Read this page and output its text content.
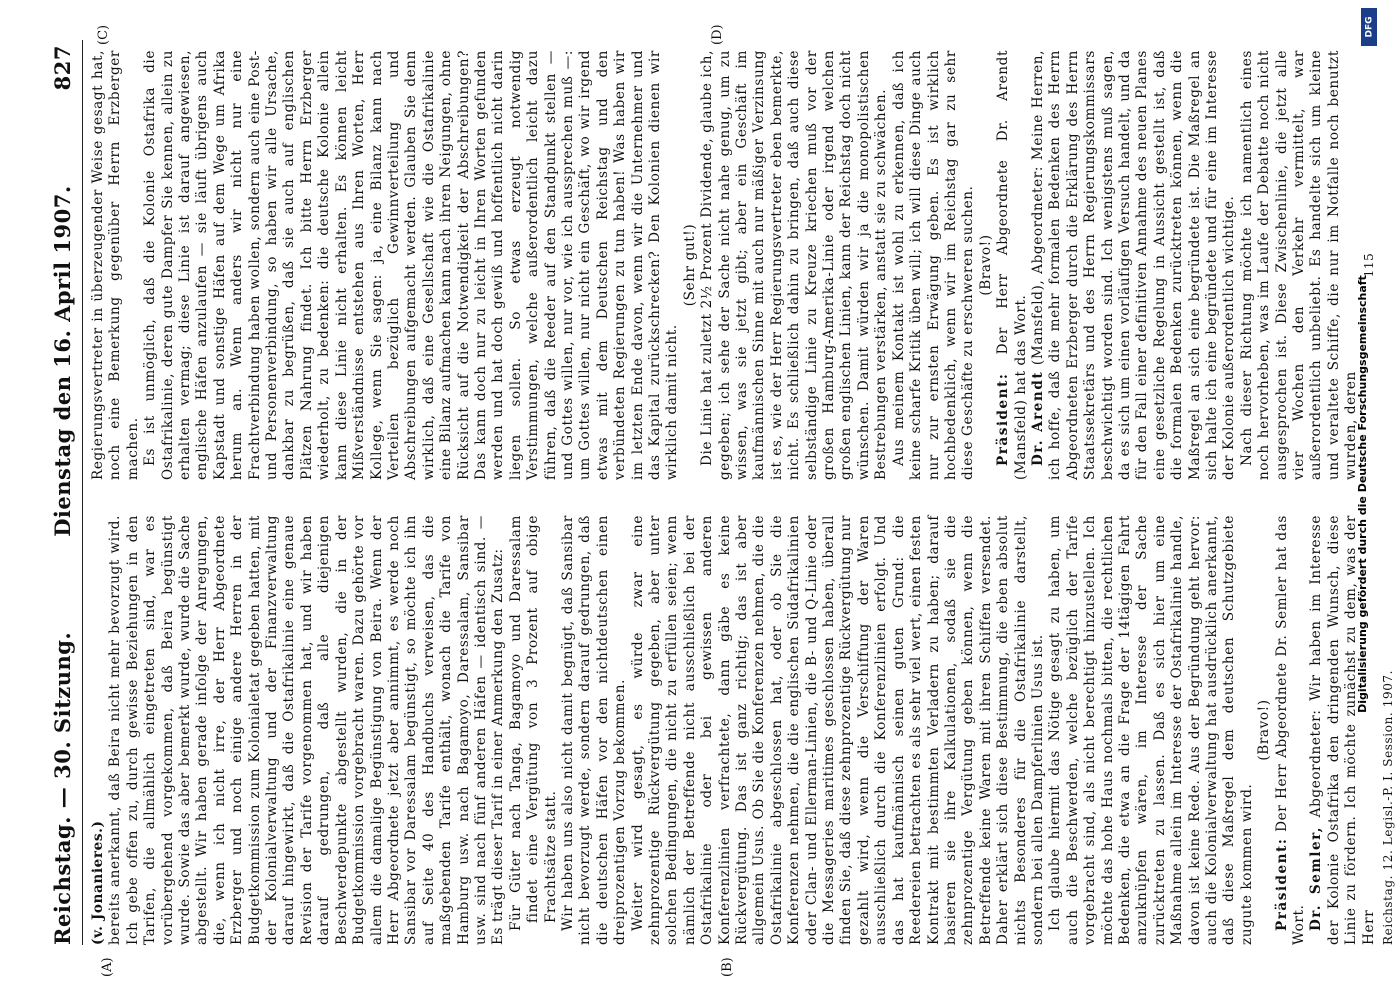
Reichstag. — 30. Sitzung.
Dienstag den 16. April 1907.
827
(A)	(B)
(C)	(D)

(v. Jonanieres.) bereits anerkannt, daß Beira nicht mehr bevorzugt wird. Ich gebe offen zu, durch gewisse Beziehungen in den Tarifen, die allmählich eingetreten sind, war es vorübergehend vorgekommen, daß Beira begünstigt wurde. Sowie das aber bemerkt wurde, wurde die Sache abgestellt. Wir haben gerade infolge der Anregungen, die, wenn ich nicht irre, der Herr Abgeordnete Erzberger und noch einige andere Herren in der Budgetkommission zum Kolonialetat gegeben hatten, mit der Kolonialverwaltung und der Finanzverwaltung darauf hingewirkt, daß die Ostafrikalinie eine genaue Revision der Tarife vorgenommen hat, und wir haben darauf gedrungen, daß alle diejenigen Beschwerdepunkte abgestellt wurden, die in der Budgetkommission vorgebracht waren. Dazu gehörte vor allem die damalige Begünstigung von Beira. Wenn der Herr Abgeordnete jetzt aber annimmt, es werde noch Sansibar vor Daressalam begünstigt, so möchte ich ihn auf Seite 40 des Handbuchs verweisen, das die maßgebenden Tarife enthält, wonach die Tarife von Hamburg usw. nach Bagamoyo, Daressalam, Sansibar usw. sind nach fünf anderen Häfen — identisch sind. — Es trägt dieser Tarif in einer Anmerkung den Zusatz: Für Güter nach Tanga, Bagamoyo und Daressalam findet eine Vergütung von 3 Prozent auf obige Frachtsätze statt. Wir haben uns also nicht damit begnügt, daß Sansibar nicht bevorzugt werde, sondern darauf gedrungen, daß die deutschen Häfen vor den nichtdeutschen einen dreiprozentigen Vorzug bekommen. Weiter wird gesagt, es würde zwar eine zehnprozentige Rückvergütung gegeben, aber unter solchen Bedingungen, die nicht zu erfüllen seien; wenn nämlich der Betreffende nicht ausschließlich bei der Ostafrikalinie oder bei gewissen anderen Konferenzlinien verfrachtete, dann gäbe es keine Rückvergütung. Das ist ganz richtig; das ist aber allgemein Usus. Ob Sie die Konferenzen nehmen, die die Ostafrikalinie abgeschlossen hat, oder ob Sie die Konferenzen nehmen, die die englischen Südafrikalinien oder Clan- und Ellerman-Linien, die B- und Q-Linie oder die Messageries maritimes geschlossen haben, überall finden Sie, daß diese zehnprozentige Rückvergütung nur gezahlt wird, wenn die Verschiffung der Waren ausschließlich durch die Konferenzlinien erfolgt. Und das hat kaufmännisch seinen guten Grund: die Reedereien betrachten es als sehr viel wert, einen festen Kontrakt mit bestimmten Verladern zu haben; darauf basieren sie ihre Kalkulationen, sodaß sie die zehnprozentige Vergütung geben können, wenn die Betreffende keine Waren mit ihren Schiffen versendet. Daher erklärt sich diese Bestimmung, die eben absolut nichts Besonderes für die Ostafrikalinie darstellt, sondern bei allen Dampferlinien Usus ist. Ich glaube hiermit das Nötige gesagt zu haben, um auch die Beschwerden, welche bezüglich der Tarife vorgebracht sind, als nicht berechtigt hinzustellen. Ich möchte das hohe Haus nochmals bitten, die rechtlichen Bedenken, die etwa an die Frage der 14tägigen Fahrt anzuknüpfen wären, im Interesse der Sache zurücktreten zu lassen. Daß es sich hier um eine Maßnahme allein im Interesse der Ostafrikalinie handle, davon ist keine Rede. Aus der Begründung geht hervor: auch die Kolonialverwaltung hat ausdrücklich anerkannt, daß diese Maßregel dem deutschen Schutzgebiete zugute kommen wird.

(Bravo!)

Präsident: Der Herr Abgeordnete Dr. Semler hat das Wort. Dr. Semler, Abgeordneter: Wir haben im Interesse der Kolonie Ostafrika den dringenden Wunsch, diese Linie zu fördern. Ich möchte zunächst zu dem, was der Herr Reichstag. 12. Legisl.-P. I. Session. 1907.

Regierungsvertreter in überzeugender Weise gesagt hat, noch eine Bemerkung gegenüber Herrn Erzberger machen. Es ist unmöglich, daß die Kolonie Ostafrika die Ostafrikalinie, deren gute Dampfer Sie kennen, allein zu erhalten vermag; diese Linie ist darauf angewiesen, englische Häfen anzulaufen — sie läuft übrigens auch Kapstadt und sonstige Häfen auf dem Wege um Afrika herum an. Wenn anders wir nicht nur eine Frachtverbindung haben wollen, sondern auch eine Post- und Personenverbindung, so haben wir alle Ursache, dankbar zu begrüßen, daß sie auch auf englischen Plätzen Nahrung findet. Ich bitte Herrn Erzberger wiederholt, zu bedenken: die deutsche Kolonie allein kann diese Linie nicht erhalten. Es können leicht Mißverständnisse entstehen aus Ihren Worten, Herr Kollege, wenn Sie sagen: ja, eine Bilanz kann nach Verteilen bezüglich Gewinnverteilung und Abschreibungen aufgemacht werden. Glauben Sie denn wirklich, daß eine Gesellschaft wie die Ostafrikalinie eine Bilanz aufmachen kann nach ihren Neigungen, ohne Rücksicht auf die Notwendigkeit der Abschreibungen? Das kann doch nur zu leicht in Ihren Worten gefunden werden und hat doch gewiß und hoffentlich nicht darin liegen sollen. So etwas erzeugt notwendig Verstimmungen, welche außerordentlich leicht dazu führen, daß die Reeder auf den Standpunkt stellen — und Gottes willen, nur vor, wie ich aussprechen muß —: um Gottes willen, nur nicht ein Geschäft, wo wir irgend etwas mit dem Deutschen Reichstag und den verbündeten Regierungen zu tun haben! Was haben wir im letzten Ende davon, wenn wir die Unternehmer und das Kapital zurückschrecken? Den Kolonien dienen wir wirklich damit nicht.

(Sehr gut!) Die Linie hat zuletzt 2½ Prozent Dividende, glaube ich, gegeben; ich sehe der Sache nicht nahe genug, um zu wissen, was sie jetzt gibt; aber ein Geschäft im kaufmännischen Sinne mit auch nur mäßiger Verzinsung ist es, wie der Herr Regierungsvertreter eben bemerkte, nicht. Es schließlich dahin zu bringen, daß auch diese selbständige Linie zu Kreuze kriechen muß vor der großen Hamburg-Amerika-Linie oder irgend welchen großen englischen Linien, kann der Reichstag doch nicht wünschen. Damit würden wir ja die monopolistischen Bestrebungen verstärken, anstatt sie zu schwächen. Aus meinem Kontakt ist wohl zu erkennen, daß ich keine scharfe Kritik üben will; ich will diese Dinge auch nur zur ernsten Erwägung geben. Es ist wirklich hochbedenklich, wenn wir im Reichstag gar zu sehr diese Geschäfte zu erschweren suchen. (Bravo!)

Präsident: Der Herr Abgeordnete Dr. Arendt (Mansfeld) hat das Wort. Dr. Arendt (Mansfeld), Abgeordneter: Meine Herren, ich hoffe, daß die mehr formalen Bedenken des Herrn Abgeordneten Erzberger durch die Erklärung des Herrn Staatssekretärs und des Herrn Regierungskommissars beschwichtigt worden sind. Ich wenigstens muß sagen, da es sich um einen vorläufigen Versuch handelt, und da für den Fall einer definitiven Annahme des neuen Planes eine gesetzliche Regelung in Aussicht gestellt ist, daß die formalen Bedenken zurücktreten können, wenn die Maßregel an sich eine begründete ist. Die Maßregel an sich halte ich eine begründete und für eine im Interesse der Kolonie außerordentlich wichtige. Nach dieser Richtung möchte ich namentlich eines noch hervorheben, was im Laufe der Debatte noch nicht ausgesprochen ist. Diese Zwischenlinie, die jetzt alle vier Wochen den Verkehr vermittelt, war außerordentlich unbeliebt. Es handelte sich um kleine und veraltete Schiffe, die nur im Notfalle noch benutzt wurden, deren

115

DFG
Digitalisierung gefördert durch die Deutsche Forschungsgemeinschaft
